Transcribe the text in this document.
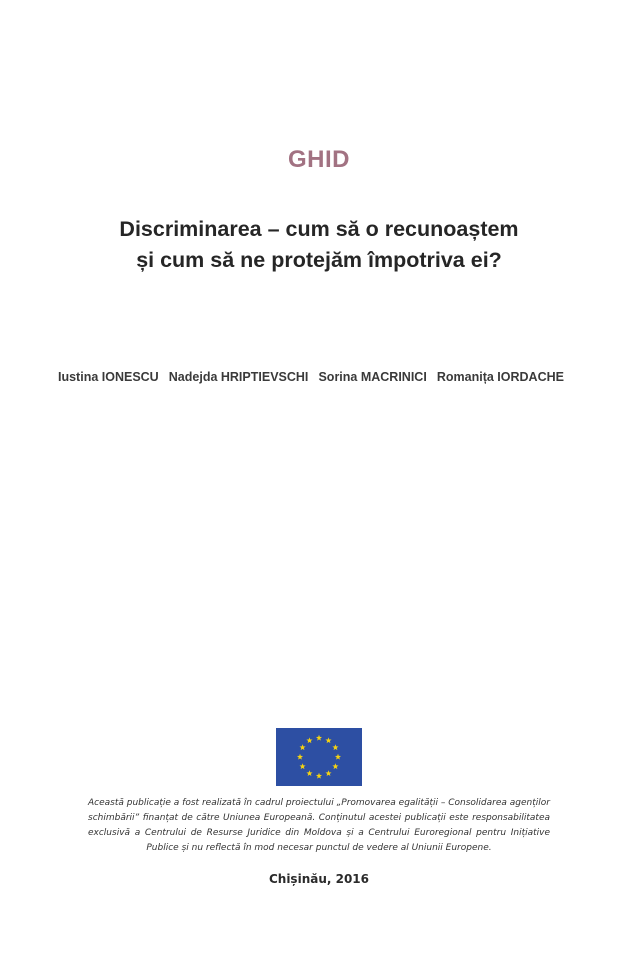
GHID
Discriminarea – cum să o recunoaștem
și cum să ne protejăm împotriva ei?
Iustina IONESCU Nadejda HRIPTIEVSCHI Sorina MACRINICI Romanița IORDACHE
Această publicație a fost realizată în cadrul proiectului „Promovarea egalității – Consolidarea agenților schimbării” finanțat de către Uniunea Europeană. Conținutul acestei publicații este responsabilitatea exclusivă a Centrului de Resurse Juridice din Moldova și a Centrului Euroregional pentru Inițiative Publice și nu reflectă în mod necesar punctul de vedere al Uniunii Europene.
Chișinău, 2016
